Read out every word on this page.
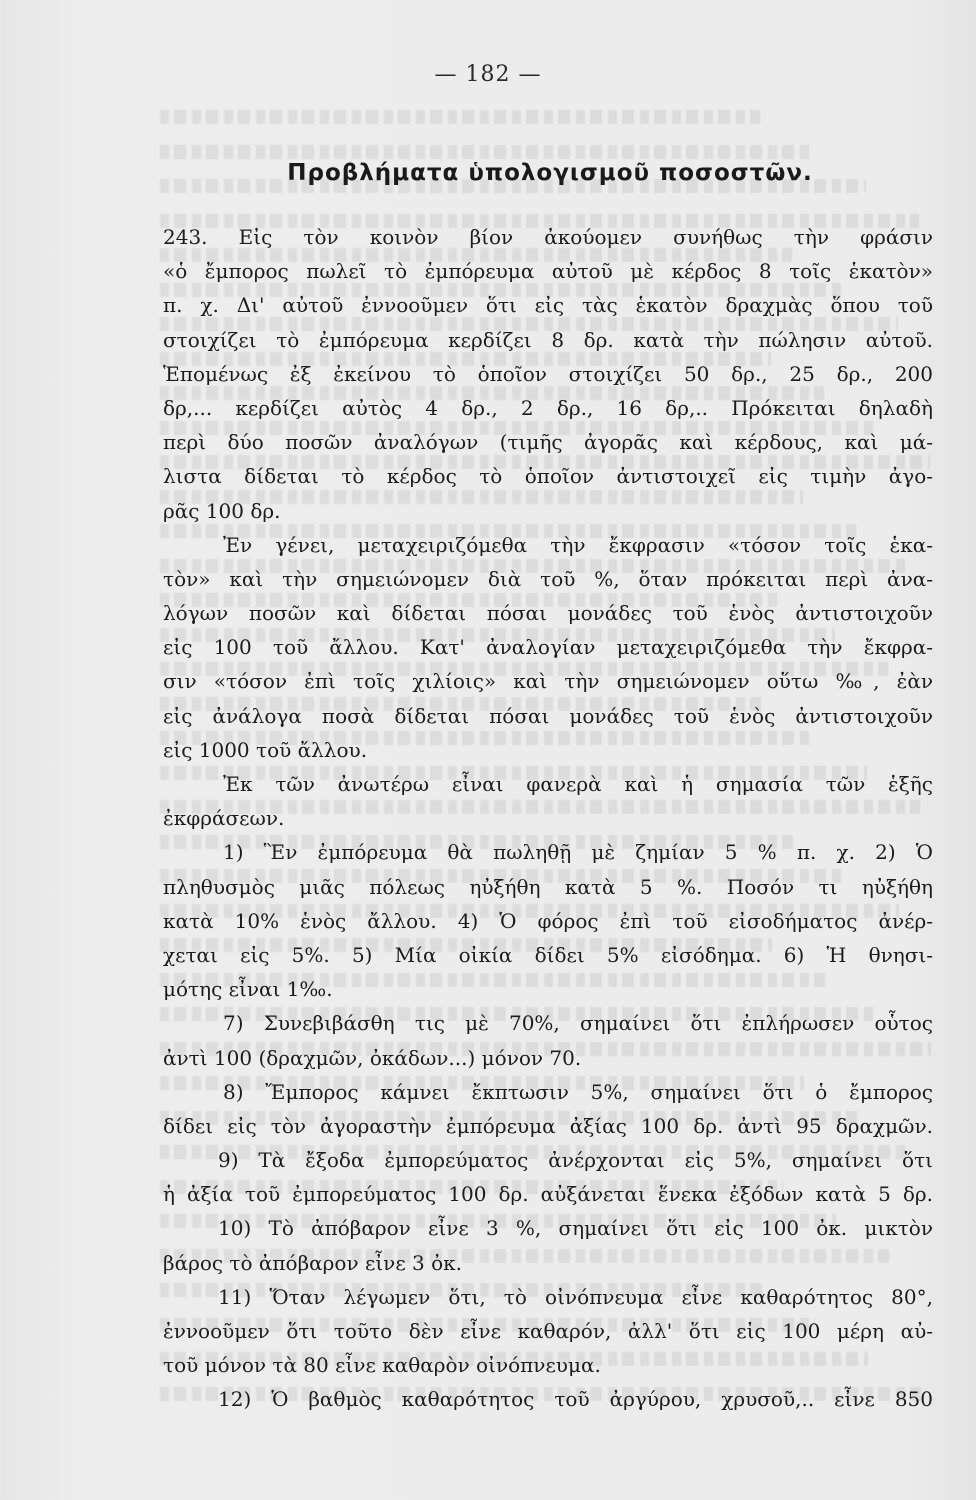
— 182 —
Προβλήματα ὑπολογισμοῦ ποσοστῶν.
243. Εἰς τὸν κοινὸν βίον ἀκούομεν συνήθως τὴν φράσιν
«ὁ ἔμπορος πωλεῖ τὸ ἐμπόρευμα αὐτοῦ μὲ κέρδος 8 τοῖς ἑκατὸν»
π. χ. Δι' αὐτοῦ ἐννοοῦμεν ὅτι εἰς τὰς ἑκατὸν δραχμὰς ὅπου τοῦ
στοιχίζει τὸ ἐμπόρευμα κερδίζει 8 δρ. κατὰ τὴν πώλησιν αὐτοῦ.
Ἑπομένως ἐξ ἐκείνου τὸ ὁποῖον στοιχίζει 50 δρ., 25 δρ., 200
δρ,... κερδίζει αὐτὸς 4 δρ., 2 δρ., 16 δρ,.. Πρόκειται δηλαδὴ
περὶ δύο ποσῶν ἀναλόγων (τιμῆς ἀγορᾶς καὶ κέρδους, καὶ μά-
λιστα δίδεται τὸ κέρδος τὸ ὁποῖον ἀντιστοιχεῖ εἰς τιμὴν ἀγο-
ρᾶς 100 δρ.
Ἐν γένει, μεταχειριζόμεθα τὴν ἔκφρασιν «τόσον τοῖς ἑκα-
τὸν» καὶ τὴν σημειώνομεν διὰ τοῦ %, ὅταν πρόκειται περὶ ἀνα-
λόγων ποσῶν καὶ δίδεται πόσαι μονάδες τοῦ ἑνὸς ἀντιστοιχοῦν
εἰς 100 τοῦ ἄλλου. Κατ' ἀναλογίαν μεταχειριζόμεθα τὴν ἔκφρα-
σιν «τόσον ἐπὶ τοῖς χιλίοις» καὶ τὴν σημειώνομεν οὕτω ‰, ἐὰν
εἰς ἀνάλογα ποσὰ δίδεται πόσαι μονάδες τοῦ ἑνὸς ἀντιστοιχοῦν
εἰς 1000 τοῦ ἄλλου.
Ἐκ τῶν ἀνωτέρω εἶναι φανερὰ καὶ ἡ σημασία τῶν ἑξῆς
ἐκφράσεων.
1) Ἓν ἐμπόρευμα θὰ πωληθῇ μὲ ζημίαν 5 % π. χ. 2) Ὁ
πληθυσμὸς μιᾶς πόλεως ηὐξήθη κατὰ 5 %. Ποσόν τι ηὐξήθη
κατὰ 10% ἑνὸς ἄλλου. 4) Ὁ φόρος ἐπὶ τοῦ εἰσοδήματος ἀνέρ-
χεται εἰς 5%. 5) Μία οἰκία δίδει 5% εἰσόδημα. 6) Ἡ θνησι-
μότης εἶναι 1‰.
7) Συνεβιβάσθη τις μὲ 70%, σημαίνει ὅτι ἐπλήρωσεν οὗτος
ἀντὶ 100 (δραχμῶν, ὀκάδων...) μόνον 70.
8) Ἔμπορος κάμνει ἔκπτωσιν 5%, σημαίνει ὅτι ὁ ἔμπορος
δίδει εἰς τὸν ἀγοραστὴν ἐμπόρευμα ἀξίας 100 δρ. ἀντὶ 95 δραχμῶν.
9) Τὰ ἔξοδα ἐμπορεύματος ἀνέρχονται εἰς 5%, σημαίνει ὅτι
ἡ ἀξία τοῦ ἐμπορεύματος 100 δρ. αὐξάνεται ἕνεκα ἐξόδων κατὰ 5 δρ.
10) Τὸ ἀπόβαρον εἶνε 3 %, σημαίνει ὅτι εἰς 100 ὀκ. μικτὸν
βάρος τὸ ἀπόβαρον εἶνε 3 ὀκ.
11) Ὅταν λέγωμεν ὅτι, τὸ οἰνόπνευμα εἶνε καθαρότητος 80°,
ἐννοοῦμεν ὅτι τοῦτο δὲν εἶνε καθαρόν, ἀλλ' ὅτι εἰς 100 μέρη αὐ-
τοῦ μόνον τὰ 80 εἶνε καθαρὸν οἰνόπνευμα.
12) Ὁ βαθμὸς καθαρότητος τοῦ ἀργύρου, χρυσοῦ,.. εἶνε 850
